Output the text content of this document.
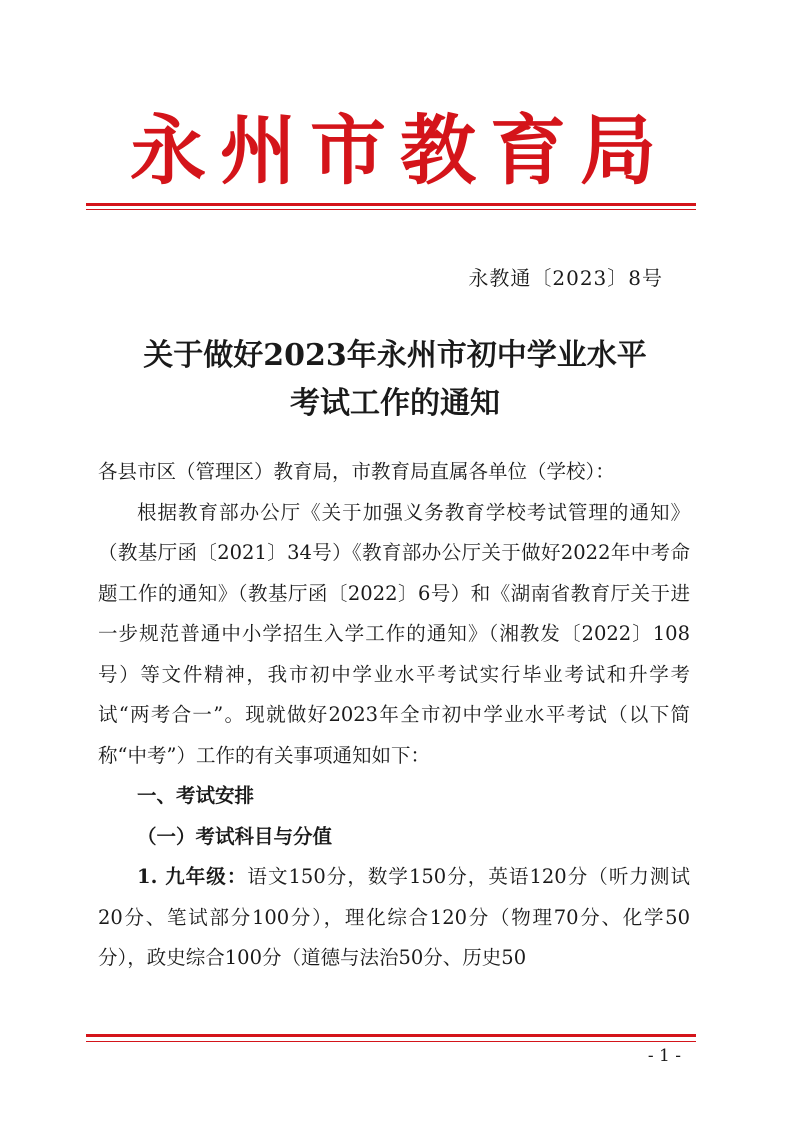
永州市教育局
永教通〔2023〕8号
关于做好2023年永州市初中学业水平
考试工作的通知

各县市区（管理区）教育局，市教育局直属各单位（学校）：

根据教育部办公厅《关于加强义务教育学校考试管理的通知》（教基厅函〔2021〕34号）《教育部办公厅关于做好2022年中考命题工作的通知》（教基厅函〔2022〕6号）和《湖南省教育厅关于进一步规范普通中小学招生入学工作的通知》（湘教发〔2022〕108号）等文件精神，我市初中学业水平考试实行毕业考试和升学考试“两考合一”。现就做好2023年全市初中学业水平考试（以下简称“中考”）工作的有关事项通知如下：

一、考试安排

（一）考试科目与分值

1. 九年级：语文150分，数学150分，英语120分（听力测试20分、笔试部分100分），理化综合120分（物理70分、化学50分），政史综合100分（道德与法治50分、历史50

- 1 -
